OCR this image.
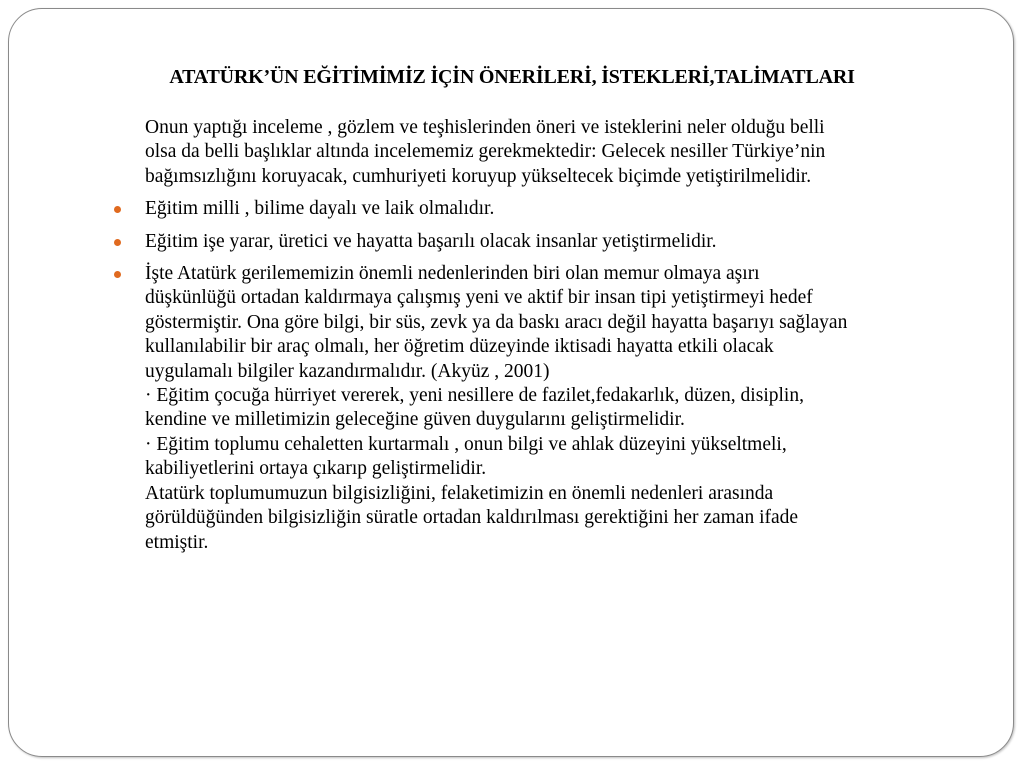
ATATÜRK’ÜN EĞİTİMİMİZ İÇİN ÖNERİLERİ, İSTEKLERİ,TALİMATLARI

Onun yaptığı inceleme , gözlem ve teşhislerinden öneri ve isteklerini neler olduğu belli
olsa da belli başlıklar altında incelememiz gerekmektedir: Gelecek nesiller Türkiye’nin
bağımsızlığını koruyacak, cumhuriyeti koruyup yükseltecek biçimde yetiştirilmelidir.

Eğitim milli , bilime dayalı ve laik olmalıdır.
Eğitim işe yarar, üretici ve hayatta başarılı olacak insanlar yetiştirmelidir.
İşte Atatürk gerilememizin önemli nedenlerinden biri olan memur olmaya aşırı
düşkünlüğü ortadan kaldırmaya çalışmış yeni ve aktif bir insan tipi yetiştirmeyi hedef
göstermiştir. Ona göre bilgi, bir süs, zevk ya da baskı aracı değil hayatta başarıyı sağlayan
kullanılabilir bir araç olmalı, her öğretim düzeyinde iktisadi hayatta etkili olacak
uygulamalı bilgiler kazandırmalıdır. (Akyüz , 2001)
· Eğitim çocuğa hürriyet vererek, yeni nesillere de fazilet,fedakarlık, düzen, disiplin,
kendine ve milletimizin geleceğine güven duygularını geliştirmelidir.
· Eğitim toplumu cehaletten kurtarmalı , onun bilgi ve ahlak düzeyini yükseltmeli,
kabiliyetlerini ortaya çıkarıp geliştirmelidir.
Atatürk toplumumuzun bilgisizliğini, felaketimizin en önemli nedenleri arasında
görüldüğünden bilgisizliğin süratle ortadan kaldırılması gerektiğini her zaman ifade
etmiştir.
